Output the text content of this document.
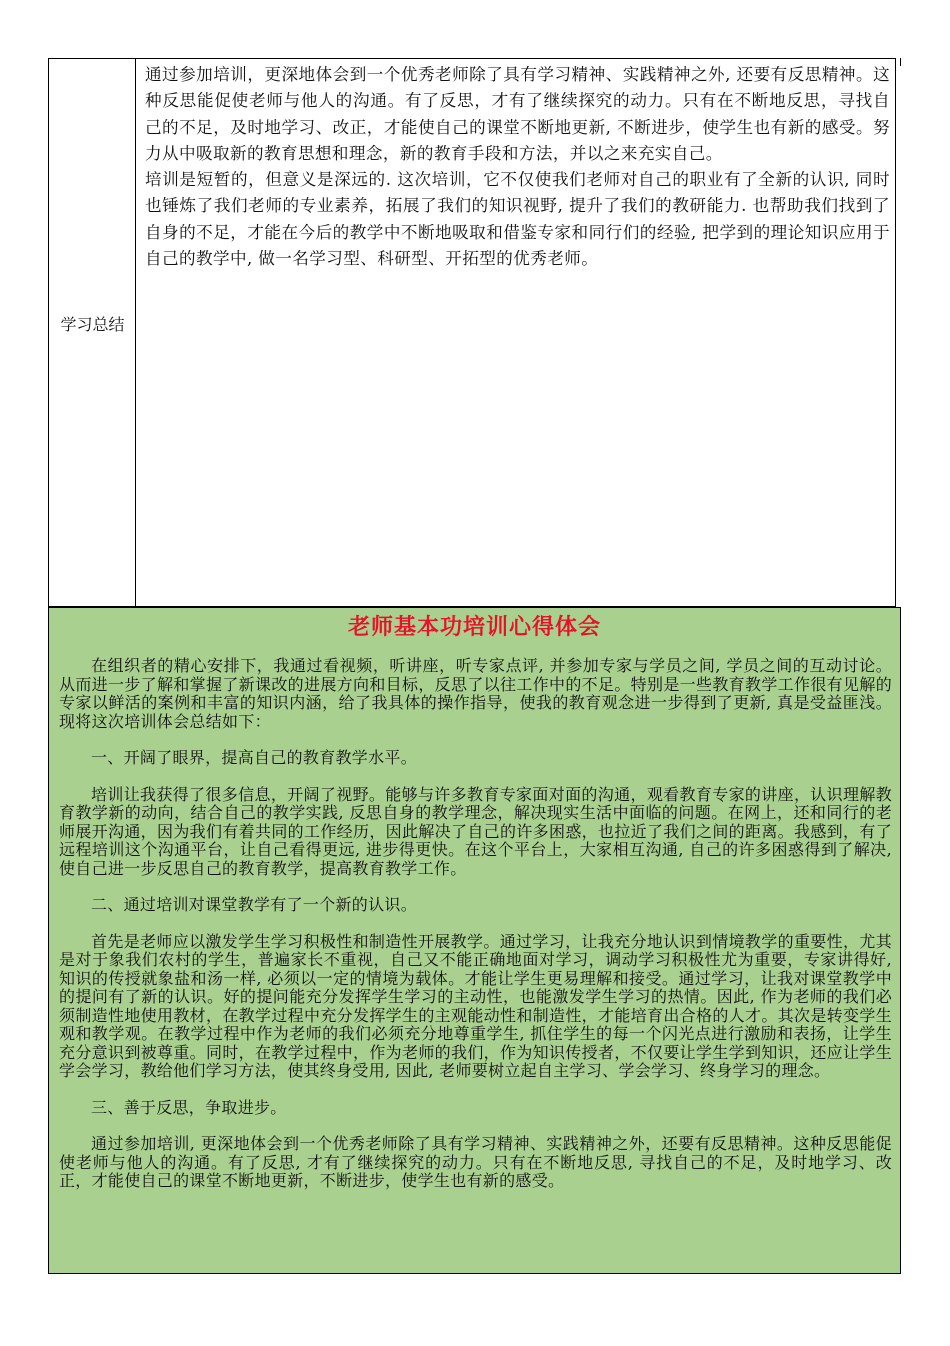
学习总结

通过参加培训，更深地体会到一个优秀老师除了具有学习精神、实践精神之外, 还要有反思精神。这种反思能促使老师与他人的沟通。有了反思，才有了继续探究的动力。只有在不断地反思，寻找自己的不足，及时地学习、改正，才能使自己的课堂不断地更新, 不断进步，使学生也有新的感受。努力从中吸取新的教育思想和理念，新的教育手段和方法，并以之来充实自己。

培训是短暂的，但意义是深远的. 这次培训，它不仅使我们老师对自己的职业有了全新的认识, 同时也锤炼了我们老师的专业素养，拓展了我们的知识视野, 提升了我们的教研能力. 也帮助我们找到了自身的不足，才能在今后的教学中不断地吸取和借鉴专家和同行们的经验, 把学到的理论知识应用于自己的教学中, 做一名学习型、科研型、开拓型的优秀老师。

老师基本功培训心得体会

在组织者的精心安排下，我通过看视频，听讲座，听专家点评, 并参加专家与学员之间, 学员之间的互动讨论。从而进一步了解和掌握了新课改的进展方向和目标，反思了以往工作中的不足。特别是一些教育教学工作很有见解的专家以鲜活的案例和丰富的知识内涵，给了我具体的操作指导，使我的教育观念进一步得到了更新, 真是受益匪浅。现将这次培训体会总结如下：

一、开阔了眼界，提高自己的教育教学水平。

培训让我获得了很多信息，开阔了视野。能够与许多教育专家面对面的沟通，观看教育专家的讲座，认识理解教育教学新的动向，结合自己的教学实践, 反思自身的教学理念，解决现实生活中面临的问题。在网上，还和同行的老师展开沟通，因为我们有着共同的工作经历，因此解决了自己的许多困惑，也拉近了我们之间的距离。我感到，有了远程培训这个沟通平台，让自己看得更远, 进步得更快。在这个平台上，大家相互沟通, 自己的许多困惑得到了解决, 使自己进一步反思自己的教育教学，提高教育教学工作。

二、通过培训对课堂教学有了一个新的认识。

首先是老师应以激发学生学习积极性和制造性开展教学。通过学习，让我充分地认识到情境教学的重要性，尤其是对于象我们农村的学生，普遍家长不重视，自己又不能正确地面对学习，调动学习积极性尤为重要，专家讲得好, 知识的传授就象盐和汤一样, 必须以一定的情境为载体。才能让学生更易理解和接受。通过学习，让我对课堂教学中的提问有了新的认识。好的提问能充分发挥学生学习的主动性，也能激发学生学习的热情。因此, 作为老师的我们必须制造性地使用教材，在教学过程中充分发挥学生的主观能动性和制造性，才能培育出合格的人才。其次是转变学生观和教学观。在教学过程中作为老师的我们必须充分地尊重学生, 抓住学生的每一个闪光点进行激励和表扬，让学生充分意识到被尊重。同时，在教学过程中，作为老师的我们，作为知识传授者，不仅要让学生学到知识，还应让学生学会学习，教给他们学习方法，使其终身受用, 因此, 老师要树立起自主学习、学会学习、终身学习的理念。

三、善于反思，争取进步。

通过参加培训, 更深地体会到一个优秀老师除了具有学习精神、实践精神之外，还要有反思精神。这种反思能促使老师与他人的沟通。有了反思, 才有了继续探究的动力。只有在不断地反思, 寻找自己的不足，及时地学习、改正，才能使自己的课堂不断地更新，不断进步，使学生也有新的感受。
